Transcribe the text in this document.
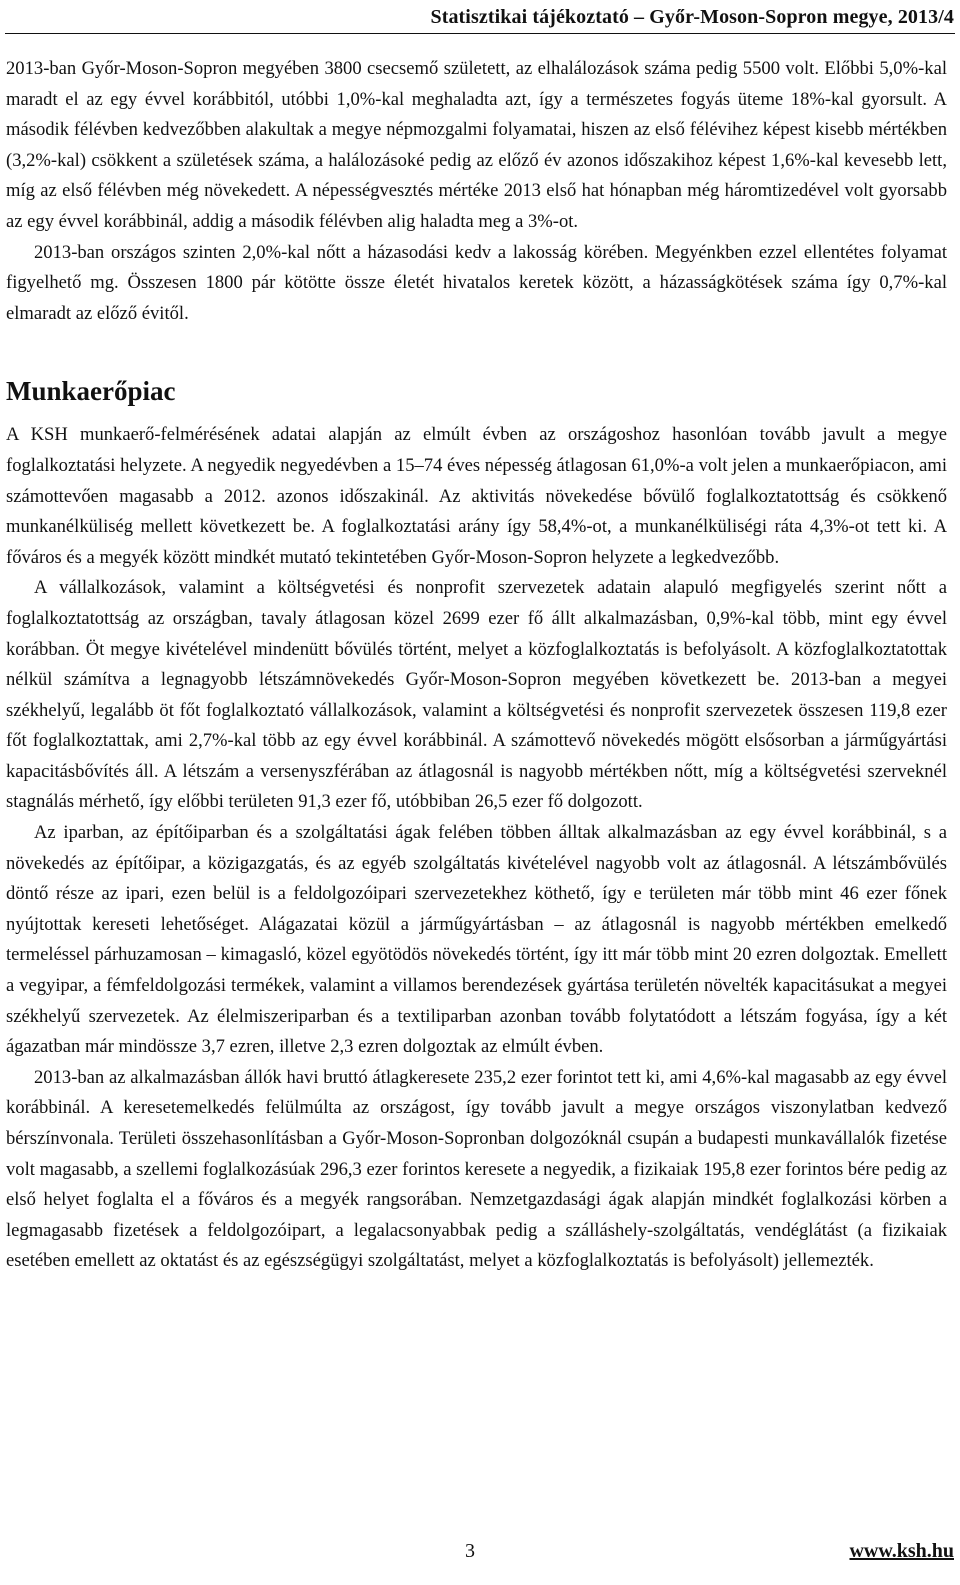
Statisztikai tájékoztató – Győr-Moson-Sopron megye, 2013/4

2013-ban Győr-Moson-Sopron megyében 3800 csecsemő született, az elhalálozások száma pedig 5500 volt. Előbbi 5,0%-kal maradt el az egy évvel korábbitól, utóbbi 1,0%-kal meghaladta azt, így a természetes fogyás üteme 18%-kal gyorsult. A második félévben kedvezőbben alakultak a megye népmozgalmi folyamatai, hiszen az első félévihez képest kisebb mértékben (3,2%-kal) csökkent a születések száma, a halálozásoké pedig az előző év azonos időszakihoz képest 1,6%-kal kevesebb lett, míg az első félévben még növekedett. A népességvesztés mértéke 2013 első hat hónapban még háromtizedével volt gyorsabb az egy évvel korábbinál, addig a második félévben alig haladta meg a 3%-ot.

2013-ban országos szinten 2,0%-kal nőtt a házasodási kedv a lakosság körében. Megyénkben ezzel ellentétes folyamat figyelhető mg. Összesen 1800 pár kötötte össze életét hivatalos keretek között, a házasságkötések száma így 0,7%-kal elmaradt az előző évitől.

Munkaerőpiac

A KSH munkaerő-felmérésének adatai alapján az elmúlt évben az országoshoz hasonlóan tovább javult a megye foglalkoztatási helyzete. A negyedik negyedévben a 15–74 éves népesség átlagosan 61,0%-a volt jelen a munkaerőpiacon, ami számottevően magasabb a 2012. azonos időszakinál. Az aktivitás növekedése bővülő foglalkoztatottság és csökkenő munkanélküliség mellett következett be. A foglalkoztatási arány így 58,4%-ot, a munkanélküliségi ráta 4,3%-ot tett ki. A főváros és a megyék között mindkét mutató tekintetében Győr-Moson-Sopron helyzete a legkedvezőbb.

A vállalkozások, valamint a költségvetési és nonprofit szervezetek adatain alapuló megfigyelés szerint nőtt a foglalkoztatottság az országban, tavaly átlagosan közel 2699 ezer fő állt alkalmazásban, 0,9%-kal több, mint egy évvel korábban. Öt megye kivételével mindenütt bővülés történt, melyet a közfoglalkoztatás is befolyásolt. A közfoglalkoztatottak nélkül számítva a legnagyobb létszámnövekedés Győr-Moson-Sopron megyében következett be. 2013-ban a megyei székhelyű, legalább öt főt foglalkoztató vállalkozások, valamint a költségvetési és nonprofit szervezetek összesen 119,8 ezer főt foglalkoztattak, ami 2,7%-kal több az egy évvel korábbinál. A számottevő növekedés mögött elsősorban a járműgyártási kapacitásbővítés áll. A létszám a versenyszférában az átlagosnál is nagyobb mértékben nőtt, míg a költségvetési szerveknél stagnálás mérhető, így előbbi területen 91,3 ezer fő, utóbbiban 26,5 ezer fő dolgozott.

Az iparban, az építőiparban és a szolgáltatási ágak felében többen álltak alkalmazásban az egy évvel korábbinál, s a növekedés az építőipar, a közigazgatás, és az egyéb szolgáltatás kivételével nagyobb volt az átlagosnál. A létszámbővülés döntő része az ipari, ezen belül is a feldolgozóipari szervezetekhez köthető, így e területen már több mint 46 ezer főnek nyújtottak kereseti lehetőséget. Alágazatai közül a járműgyártásban – az átlagosnál is nagyobb mértékben emelkedő termeléssel párhuzamosan – kimagasló, közel egyötödös növekedés történt, így itt már több mint 20 ezren dolgoztak. Emellett a vegyipar, a fémfeldolgozási termékek, valamint a villamos berendezések gyártása területén növelték kapacitásukat a megyei székhelyű szervezetek. Az élelmiszeriparban és a textiliparban azonban tovább folytatódott a létszám fogyása, így a két ágazatban már mindössze 3,7 ezren, illetve 2,3 ezren dolgoztak az elmúlt évben.

2013-ban az alkalmazásban állók havi bruttó átlagkeresete 235,2 ezer forintot tett ki, ami 4,6%-kal magasabb az egy évvel korábbinál. A keresetemelkedés felülmúlta az országost, így tovább javult a megye országos viszonylatban kedvező bérszínvonala. Területi összehasonlításban a Győr-Moson-Sopronban dolgozóknál csupán a budapesti munkavállalók fizetése volt magasabb, a szellemi foglalkozásúak 296,3 ezer forintos keresete a negyedik, a fizikaiak 195,8 ezer forintos bére pedig az első helyet foglalta el a főváros és a megyék rangsorában. Nemzetgazdasági ágak alapján mindkét foglalkozási körben a legmagasabb fizetések a feldolgozóipart, a legalacsonyabbak pedig a szálláshely-szolgáltatás, vendéglátást (a fizikaiak esetében emellett az oktatást és az egészségügyi szolgáltatást, melyet a közfoglalkoztatás is befolyásolt) jellemezték.

3	www.ksh.hu
